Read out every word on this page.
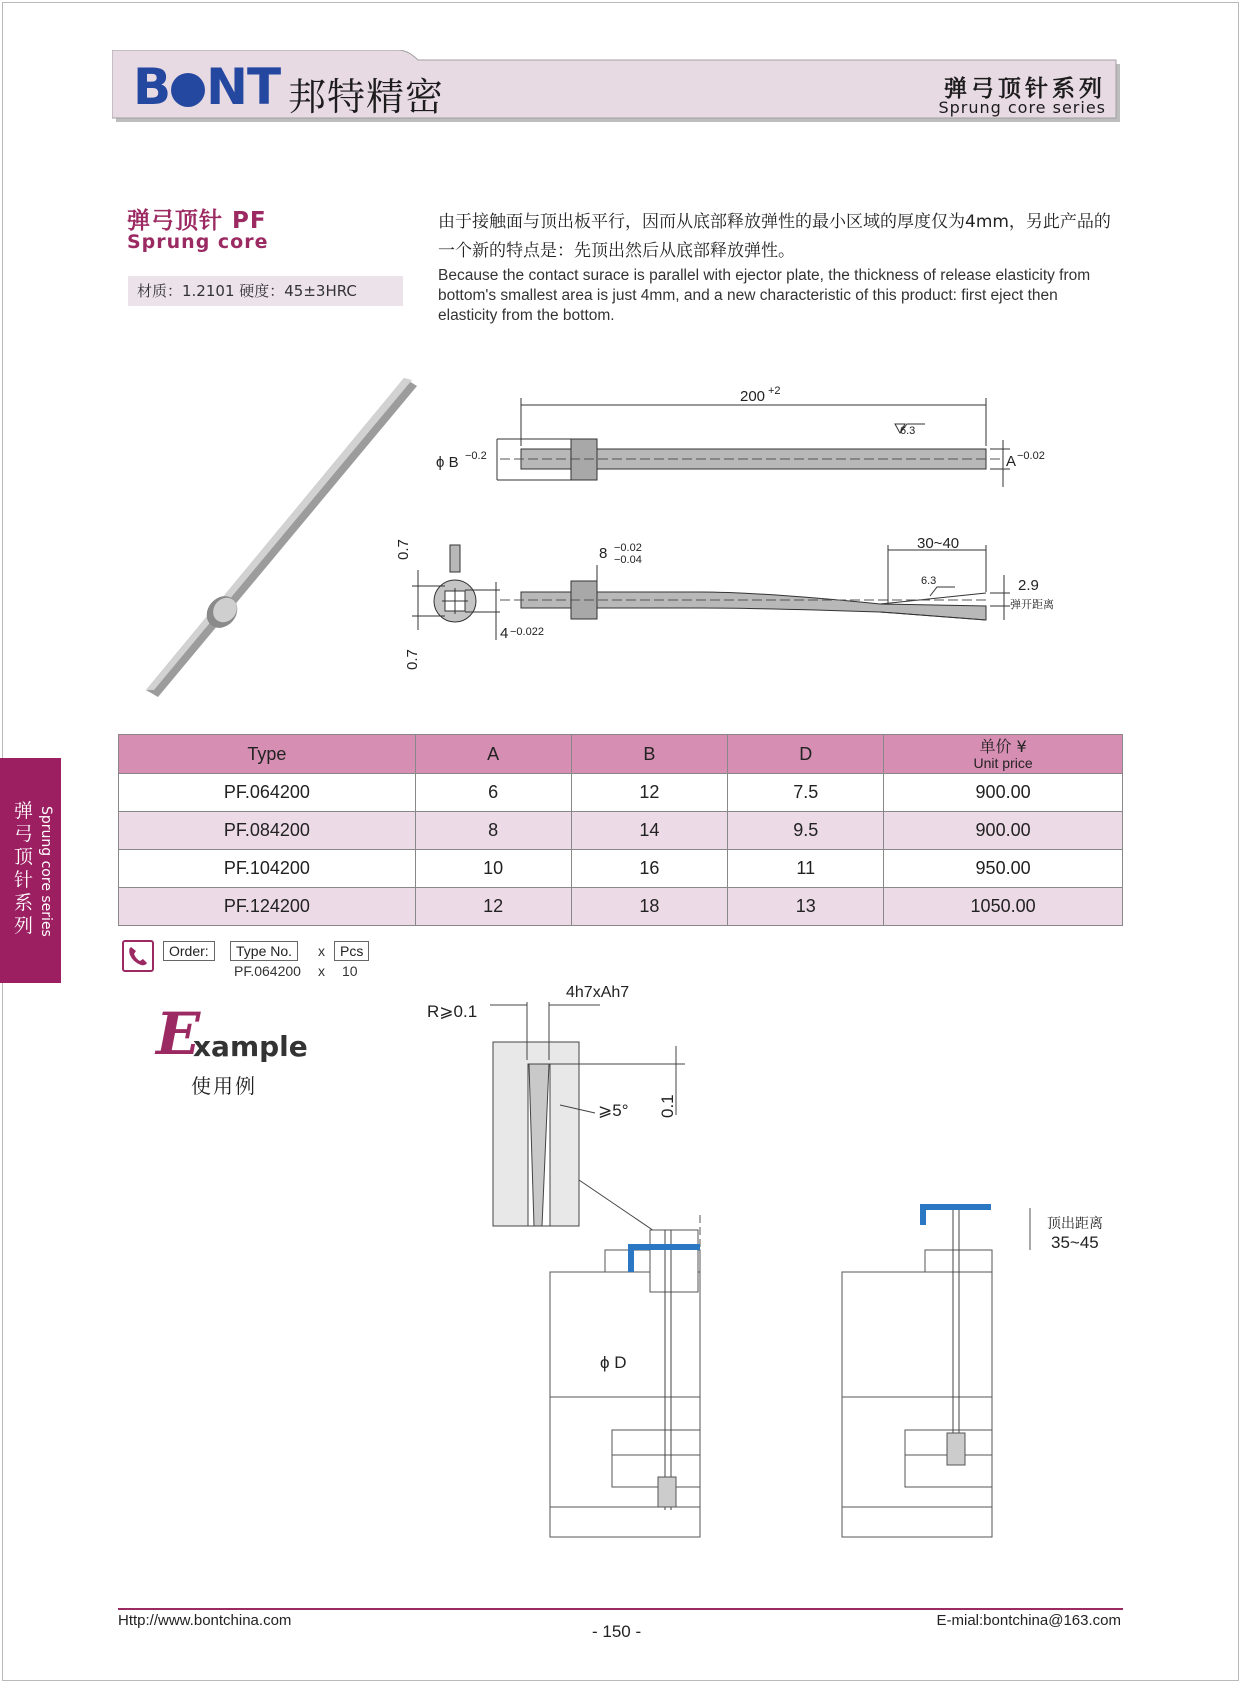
B NT 邦特精密	弹弓顶针系列
Sprung core series
弹弓顶针 PF
Sprung core
材质：1.2101 硬度：45±3HRC
由于接触面与顶出板平行，因而从底部释放弹性的最小区域的厚度仅为4mm，另此产品的一个新的特点是：先顶出然后从底部释放弹性。
Because the contact surace is parallel with ejector plate, the thickness of release elasticity from bottom's smallest area is just 4mm, and a new characteristic of this product: first eject then elasticity from the bottom.
200 +2
ϕ B −0.2	A −0.02
6.3
30~40
6.3	2.9
弹开距离
8 −0.02
−0.04
0.7
0.7
4 −0.022
Type	A	B	D	单价 ¥
Unit price

PF.064200	6	12	7.5	900.00
PF.084200	8	14	9.5	900.00
PF.104200	10	16	11	950.00
PF.124200	12	18	13	1050.00
Order:	Type No.	x	Pcs
PF.064200 x 10
E
xample
使用例
R⩾0.1
4h7xAh7
⩾5° 0.1
ϕ D
顶出距离
35~45
弹弓顶针系列 Sprung core series
Http://www.bontchina.com
- 150 -
E-mial:bontchina@163.com
